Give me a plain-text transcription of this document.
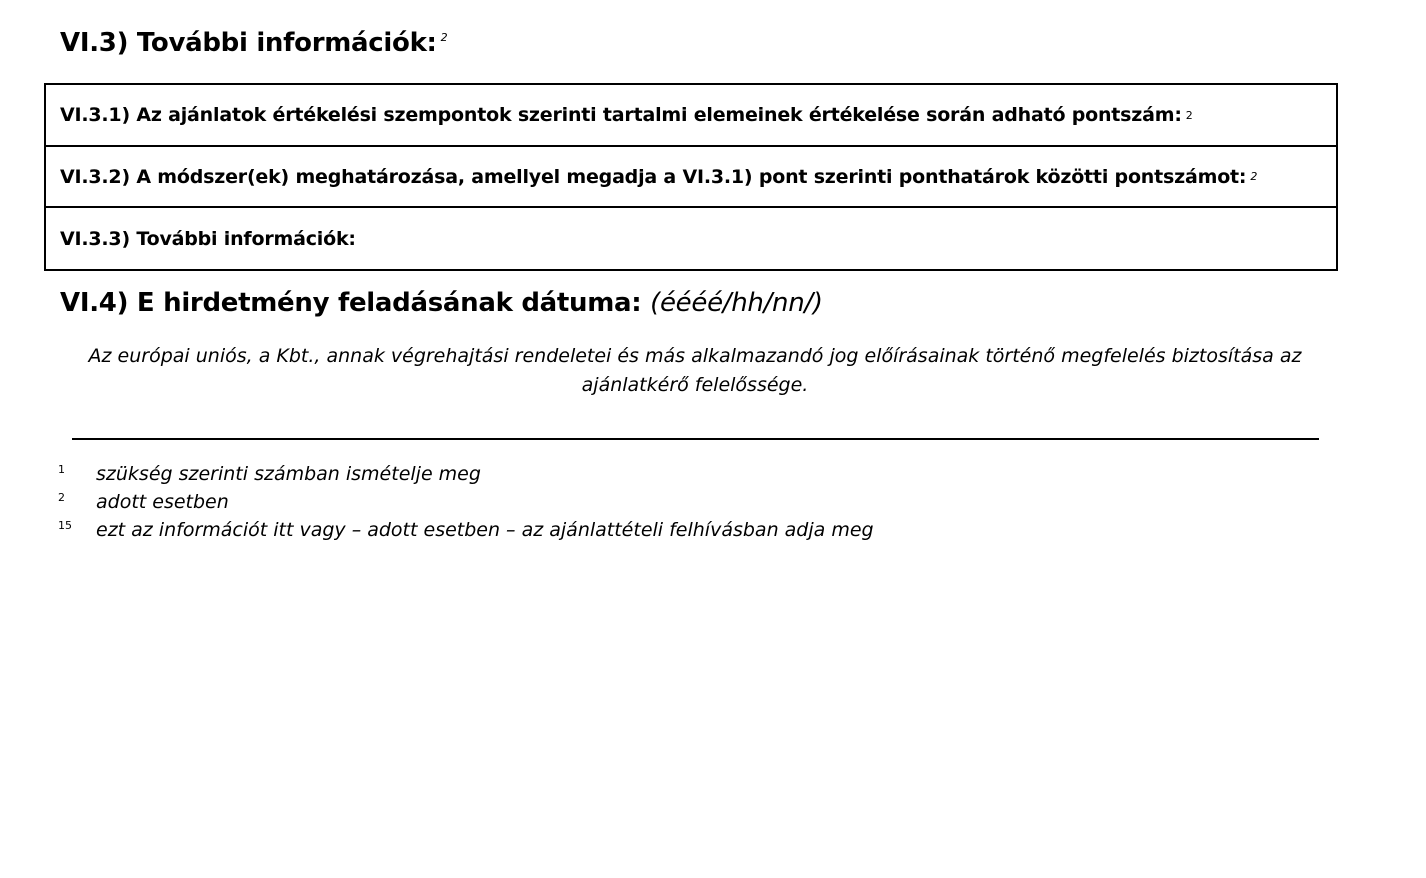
VI.3) További információk: $^2$
VI.3.1) Az ajánlatok értékelési szempontok szerinti tartalmi elemeinek értékelése során adható pontszám: 2
VI.3.2) A módszer(ek) meghatározása, amellyel megadja a VI.3.1) pont szerinti ponthatárok közötti pontszámot: 2
VI.3.3) További információk:
VI.4) E hirdetmény feladásának dátuma: (éééé/hh/nn/)
Az európai uniós, a Kbt., annak végrehajtási rendeletei és más alkalmazandó jog előírásainak történő megfelelés biztosítása az ajánlatkérő felelőssége.
1	szükség szerinti számban ismételje meg
2	adott esetben
15	ezt az információt itt vagy – adott esetben – az ajánlattételi felhívásban adja meg
